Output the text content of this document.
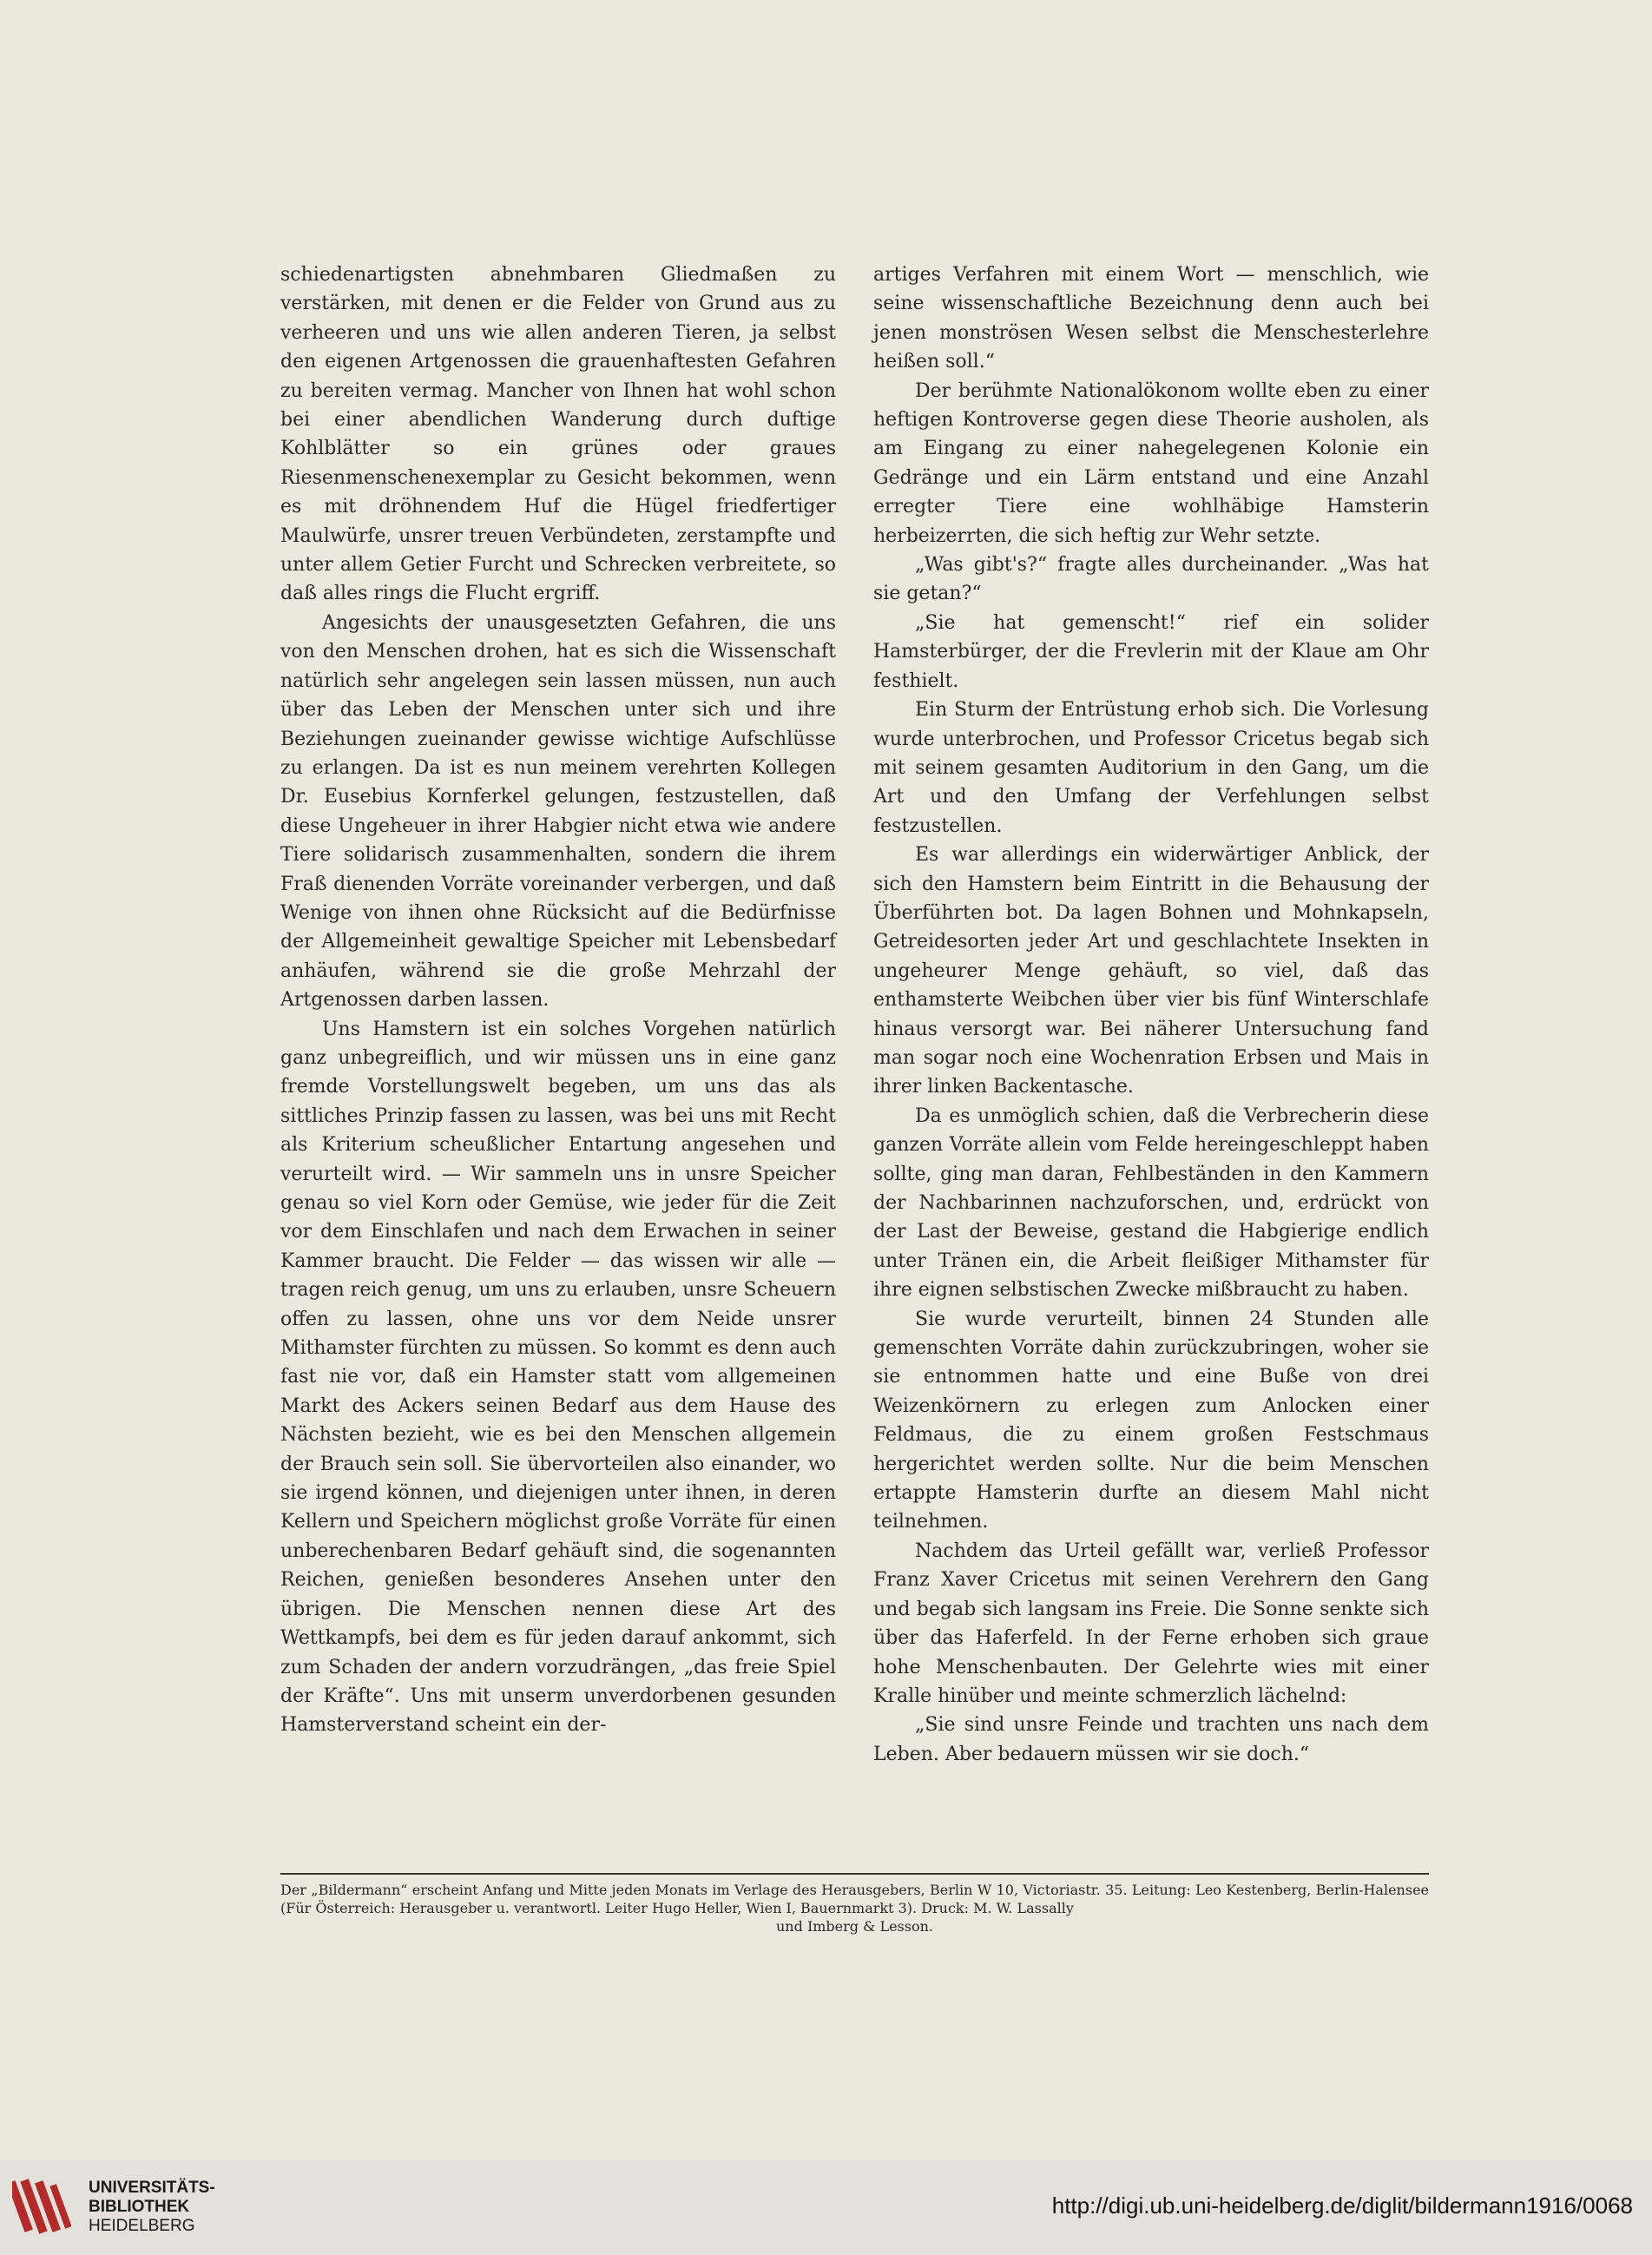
schiedenartigsten abnehmbaren Gliedmaßen zu verstärken, mit denen er die Felder von Grund aus zu verheeren und uns wie allen anderen Tieren, ja selbst den eigenen Artgenossen die grauenhaftesten Gefahren zu bereiten vermag. Mancher von Ihnen hat wohl schon bei einer abendlichen Wanderung durch duftige Kohlblätter so ein grünes oder graues Riesenmenschenexemplar zu Gesicht bekommen, wenn es mit dröhnendem Huf die Hügel friedfertiger Maulwürfe, unsrer treuen Verbündeten, zerstampfte und unter allem Getier Furcht und Schrecken verbreitete, so daß alles rings die Flucht ergriff.

Angesichts der unausgesetzten Gefahren, die uns von den Menschen drohen, hat es sich die Wissenschaft natürlich sehr angelegen sein lassen müssen, nun auch über das Leben der Menschen unter sich und ihre Beziehungen zueinander gewisse wichtige Aufschlüsse zu erlangen. Da ist es nun meinem verehrten Kollegen Dr. Eusebius Kornferkel gelungen, festzustellen, daß diese Ungeheuer in ihrer Habgier nicht etwa wie andere Tiere solidarisch zusammenhalten, sondern die ihrem Fraß dienenden Vorräte voreinander verbergen, und daß Wenige von ihnen ohne Rücksicht auf die Bedürfnisse der Allgemeinheit gewaltige Speicher mit Lebensbedarf anhäufen, während sie die große Mehrzahl der Artgenossen darben lassen.

Uns Hamstern ist ein solches Vorgehen natürlich ganz unbegreiflich, und wir müssen uns in eine ganz fremde Vorstellungswelt begeben, um uns das als sittliches Prinzip fassen zu lassen, was bei uns mit Recht als Kriterium scheußlicher Entartung angesehen und verurteilt wird. — Wir sammeln uns in unsre Speicher genau so viel Korn oder Gemüse, wie jeder für die Zeit vor dem Einschlafen und nach dem Erwachen in seiner Kammer braucht. Die Felder — das wissen wir alle — tragen reich genug, um uns zu erlauben, unsre Scheuern offen zu lassen, ohne uns vor dem Neide unsrer Mithamster fürchten zu müssen. So kommt es denn auch fast nie vor, daß ein Hamster statt vom allgemeinen Markt des Ackers seinen Bedarf aus dem Hause des Nächsten bezieht, wie es bei den Menschen allgemein der Brauch sein soll. Sie übervorteilen also einander, wo sie irgend können, und diejenigen unter ihnen, in deren Kellern und Speichern möglichst große Vorräte für einen unberechenbaren Bedarf gehäuft sind, die sogenannten Reichen, genießen besonderes Ansehen unter den übrigen. Die Menschen nennen diese Art des Wettkampfs, bei dem es für jeden darauf ankommt, sich zum Schaden der andern vorzudrängen, „das freie Spiel der Kräfte“. Uns mit unserm unverdorbenen gesunden Hamsterverstand scheint ein der-

artiges Verfahren mit einem Wort — menschlich, wie seine wissenschaftliche Bezeichnung denn auch bei jenen monströsen Wesen selbst die Menschesterlehre heißen soll.“

Der berühmte Nationalökonom wollte eben zu einer heftigen Kontroverse gegen diese Theorie ausholen, als am Eingang zu einer nahegelegenen Kolonie ein Gedränge und ein Lärm entstand und eine Anzahl erregter Tiere eine wohlhäbige Hamsterin herbeizerrten, die sich heftig zur Wehr setzte.

„Was gibt's?“ fragte alles durcheinander. „Was hat sie getan?“

„Sie hat gemenscht!“ rief ein solider Hamsterbürger, der die Frevlerin mit der Klaue am Ohr festhielt.

Ein Sturm der Entrüstung erhob sich. Die Vorlesung wurde unterbrochen, und Professor Cricetus begab sich mit seinem gesamten Auditorium in den Gang, um die Art und den Umfang der Verfehlungen selbst festzustellen.

Es war allerdings ein widerwärtiger Anblick, der sich den Hamstern beim Eintritt in die Behausung der Überführten bot. Da lagen Bohnen und Mohnkapseln, Getreidesorten jeder Art und geschlachtete Insekten in ungeheurer Menge gehäuft, so viel, daß das enthamsterte Weibchen über vier bis fünf Winterschlafe hinaus versorgt war. Bei näherer Untersuchung fand man sogar noch eine Wochenration Erbsen und Mais in ihrer linken Backentasche.

Da es unmöglich schien, daß die Verbrecherin diese ganzen Vorräte allein vom Felde hereingeschleppt haben sollte, ging man daran, Fehlbeständen in den Kammern der Nachbarinnen nachzuforschen, und, erdrückt von der Last der Beweise, gestand die Habgierige endlich unter Tränen ein, die Arbeit fleißiger Mithamster für ihre eignen selbstischen Zwecke mißbraucht zu haben.

Sie wurde verurteilt, binnen 24 Stunden alle gemenschten Vorräte dahin zurückzubringen, woher sie sie entnommen hatte und eine Buße von drei Weizenkörnern zu erlegen zum Anlocken einer Feldmaus, die zu einem großen Festschmaus hergerichtet werden sollte. Nur die beim Menschen ertappte Hamsterin durfte an diesem Mahl nicht teilnehmen.

Nachdem das Urteil gefällt war, verließ Professor Franz Xaver Cricetus mit seinen Verehrern den Gang und begab sich langsam ins Freie. Die Sonne senkte sich über das Haferfeld. In der Ferne erhoben sich graue hohe Menschenbauten. Der Gelehrte wies mit einer Kralle hinüber und meinte schmerzlich lächelnd:

„Sie sind unsre Feinde und trachten uns nach dem Leben. Aber bedauern müssen wir sie doch.“

Der „Bildermann“ erscheint Anfang und Mitte jeden Monats im Verlage des Herausgebers, Berlin W 10, Victoriastr. 35. Leitung: Leo Kestenberg, Berlin-Halensee (Für Österreich: Herausgeber u. verantwortl. Leiter Hugo Heller, Wien I, Bauernmarkt 3). Druck: M. W. Lassally
und Imberg & Lesson.
UNIVERSITÄTS-
BIBLIOTHEK
HEIDELBERG
http://digi.ub.uni-heidelberg.de/diglit/bildermann1916/0068
